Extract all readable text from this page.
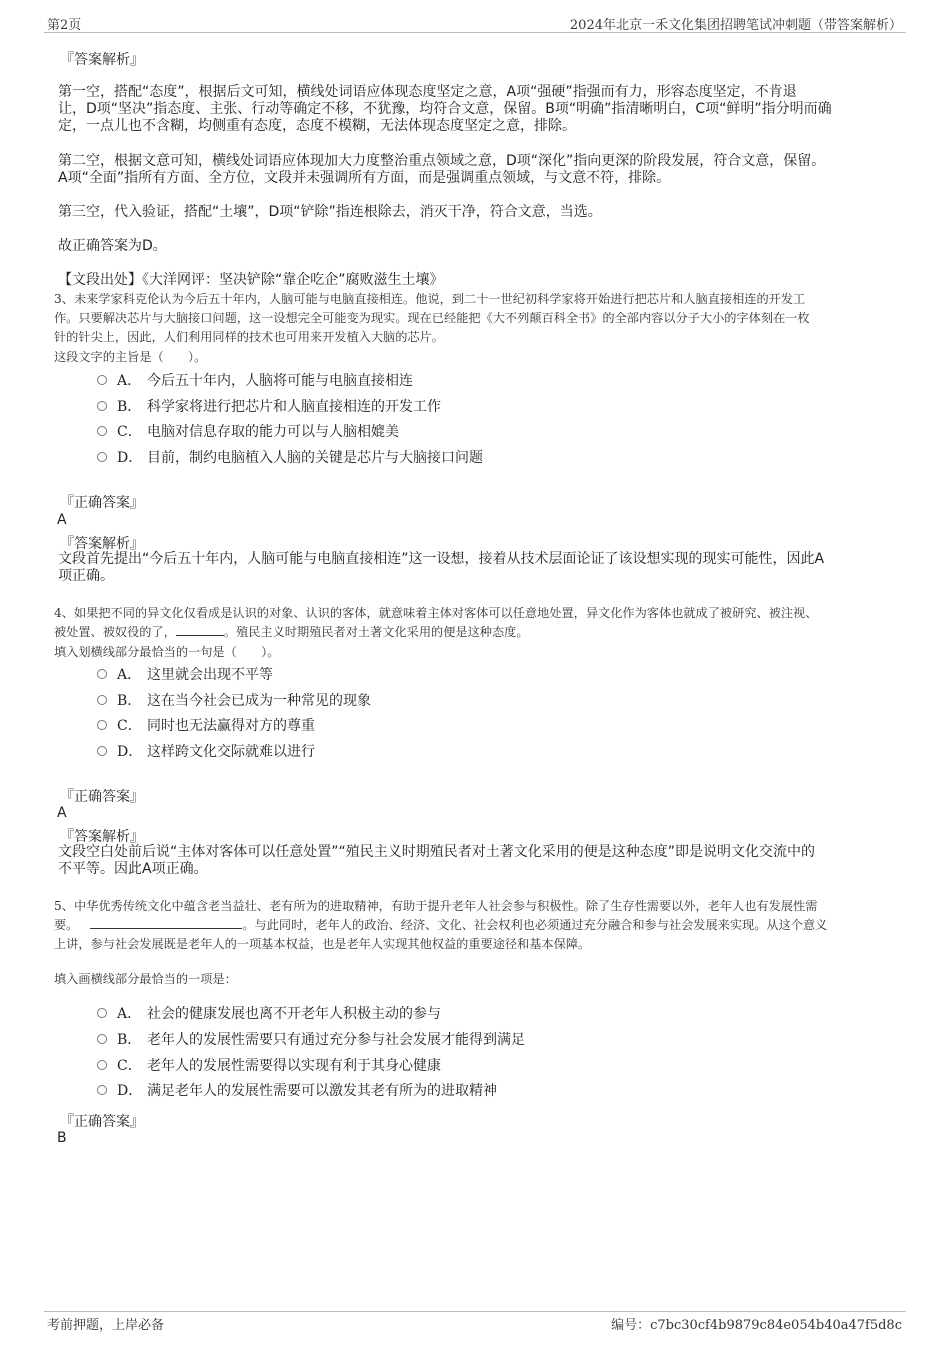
第2页	2024年北京一禾文化集团招聘笔试冲刺题（带答案解析）
『答案解析』
第一空，搭配“态度”，根据后文可知，横线处词语应体现态度坚定之意，A项“强硬”指强而有力，形容态度坚定，不肯退
让，D项“坚决”指态度、主张、行动等确定不移，不犹豫，均符合文意，保留。B项“明确”指清晰明白，C项“鲜明”指分明而确
定，一点儿也不含糊，均侧重有态度，态度不模糊，无法体现态度坚定之意，排除。
第二空，根据文意可知，横线处词语应体现加大力度整治重点领域之意，D项“深化”指向更深的阶段发展，符合文意，保留。
A项“全面”指所有方面、全方位，文段并未强调所有方面，而是强调重点领域，与文意不符，排除。
第三空，代入验证，搭配“土壤”，D项“铲除”指连根除去，消灭干净，符合文意，当选。
故正确答案为D。
【文段出处】《大洋网评：坚决铲除“靠企吃企”腐败滋生土壤》
3、未来学家科克伦认为今后五十年内，人脑可能与电脑直接相连。他说，到二十一世纪初科学家将开始进行把芯片和人脑直接相连的开发工
作。只要解决芯片与大脑接口问题，这一设想完全可能变为现实。现在已经能把《大不列颠百科全书》的全部内容以分子大小的字体刻在一枚
针的针尖上，因此，人们利用同样的技术也可用来开发植入大脑的芯片。
这段文字的主旨是（　　）。
A． 今后五十年内，人脑将可能与电脑直接相连
B． 科学家将进行把芯片和人脑直接相连的开发工作
C． 电脑对信息存取的能力可以与人脑相媲美
D． 目前，制约电脑植入人脑的关键是芯片与大脑接口问题
『正确答案』
A
『答案解析』
文段首先提出“今后五十年内，人脑可能与电脑直接相连”这一设想，接着从技术层面论证了该设想实现的现实可能性，因此A
项正确。
4、如果把不同的异文化仅看成是认识的对象、认识的客体，就意味着主体对客体可以任意地处置，异文化作为客体也就成了被研究、被注视、
被处置、被奴役的了，	。殖民主义时期殖民者对土著文化采用的便是这种态度。
填入划横线部分最恰当的一句是（　　）。
A． 这里就会出现不平等
B． 这在当今社会已成为一种常见的现象
C． 同时也无法赢得对方的尊重
D． 这样跨文化交际就难以进行
『正确答案』
A
『答案解析』
文段空白处前后说“主体对客体可以任意处置”“殖民主义时期殖民者对土著文化采用的便是这种态度”即是说明文化交流中的
不平等。因此A项正确。
5、中华优秀传统文化中蕴含老当益壮、老有所为的进取精神，有助于提升老年人社会参与积极性。除了生存性需要以外，老年人也有发展性需
要。	。与此同时，老年人的政治、经济、文化、社会权利也必须通过充分融合和参与社会发展来实现。从这个意义
上讲，参与社会发展既是老年人的一项基本权益，也是老年人实现其他权益的重要途径和基本保障。
填入画横线部分最恰当的一项是：
A． 社会的健康发展也离不开老年人积极主动的参与
B． 老年人的发展性需要只有通过充分参与社会发展才能得到满足
C． 老年人的发展性需要得以实现有利于其身心健康
D． 满足老年人的发展性需要可以激发其老有所为的进取精神
『正确答案』
B
考前押题，上岸必备	编号：c7bc30cf4b9879c84e054b40a47f5d8c
